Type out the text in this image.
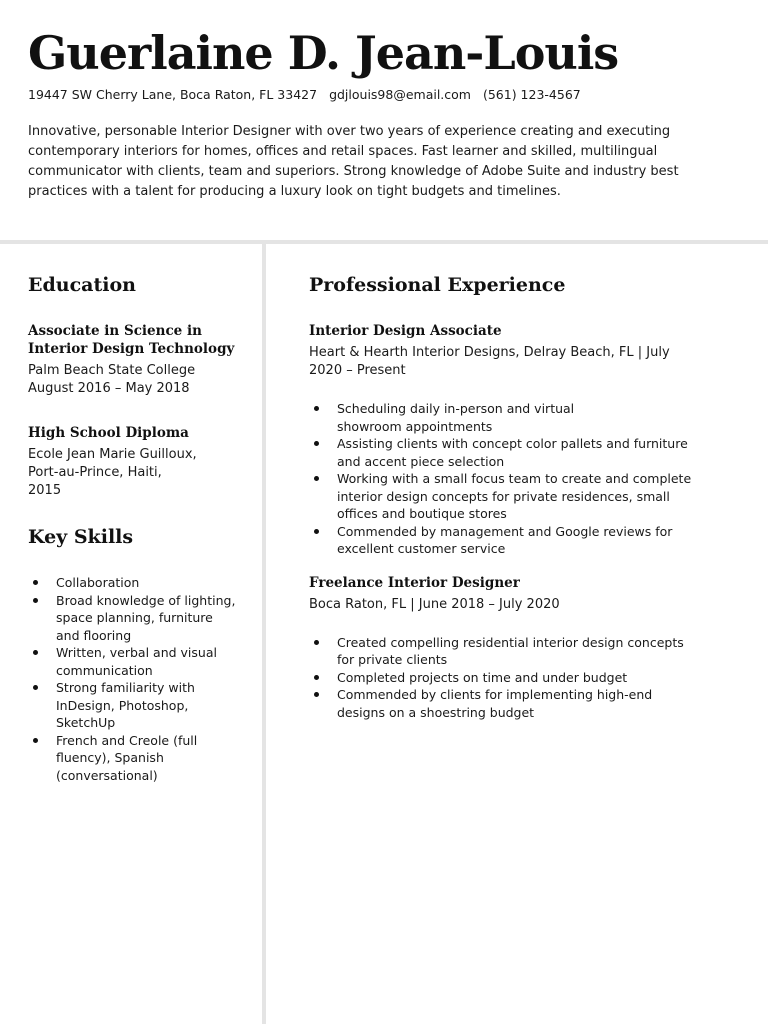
Guerlaine D. Jean-Louis
19447 SW Cherry Lane, Boca Raton, FL 33427 gdjlouis98@email.com (561) 123-4567
Innovative, personable Interior Designer with over two years of experience creating and executing contemporary interiors for homes, offices and retail spaces. Fast learner and skilled, multilingual communicator with clients, team and superiors. Strong knowledge of Adobe Suite and industry best practices with a talent for producing a luxury look on tight budgets and timelines.
Education
Associate in Science in Interior Design Technology
Palm Beach State College
August 2016 – May 2018
High School Diploma
Ecole Jean Marie Guilloux, Port-au-Prince, Haiti, 2015
Key Skills
Collaboration
Broad knowledge of lighting, space planning, furniture and flooring
Written, verbal and visual communication
Strong familiarity with InDesign, Photoshop, SketchUp
French and Creole (full fluency), Spanish (conversational)
Professional Experience
Interior Design Associate
Heart & Hearth Interior Designs, Delray Beach, FL | July 2020 – Present
Scheduling daily in-person and virtual showroom appointments
Assisting clients with concept color pallets and furniture and accent piece selection
Working with a small focus team to create and complete interior design concepts for private residences, small offices and boutique stores
Commended by management and Google reviews for excellent customer service
Freelance Interior Designer
Boca Raton, FL | June 2018 – July 2020
Created compelling residential interior design concepts for private clients
Completed projects on time and under budget
Commended by clients for implementing high-end designs on a shoestring budget
